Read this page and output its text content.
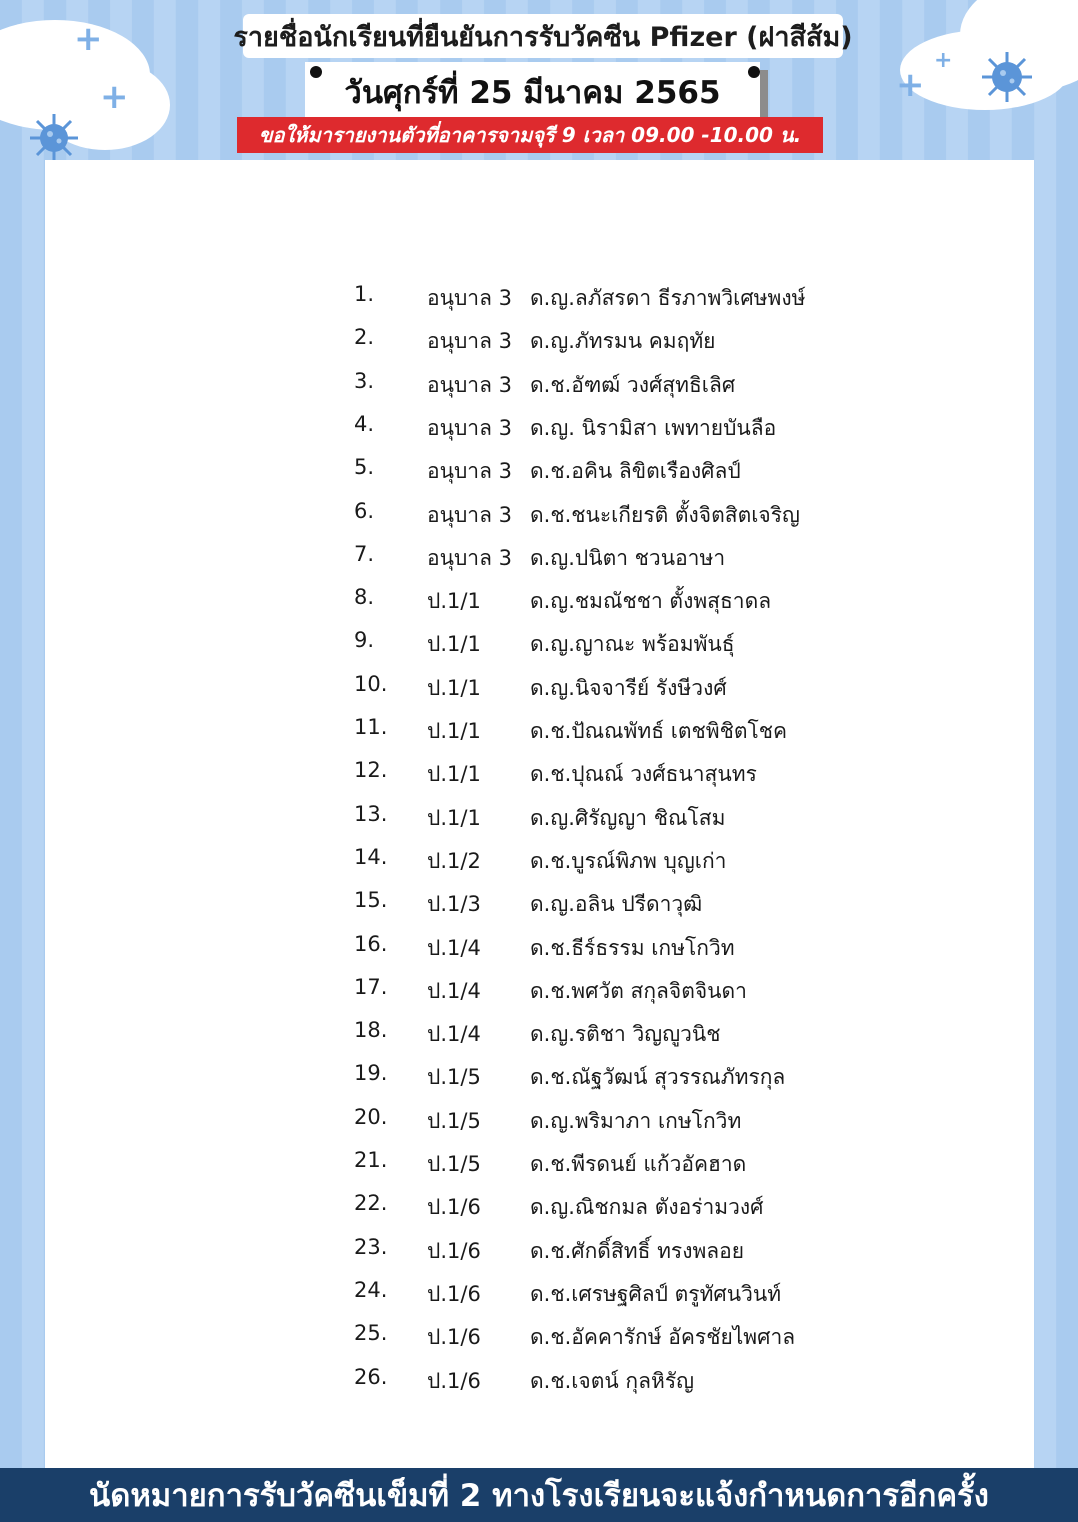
+
+	+
+
รายชื่อนักเรียนที่ยืนยันการรับวัคซีน Pfizer (ฝาสีส้ม)
วันศุกร์ที่ 25 มีนาคม 2565
ขอให้มารายงานตัวที่อาคารจามจุรี 9 เวลา 09.00 -10.00 น.
1.	อนุบาล 3 ด.ญ.ลภัสรดา ธีรภาพวิเศษพงษ์
2.	อนุบาล 3 ด.ญ.ภัทรมน คมฤทัย
3.	อนุบาล 3 ด.ช.อัฑฒ์ วงศ์สุทธิเลิศ
4.	อนุบาล 3 ด.ญ. นิรามิสา เพทายบันลือ
5.	อนุบาล 3 ด.ช.อคิน ลิขิตเรืองศิลป์
6.	อนุบาล 3 ด.ช.ชนะเกียรติ ตั้งจิตสิตเจริญ
7.	อนุบาล 3 ด.ญ.ปนิตา ชวนอาษา
8.	ป.1/1 ด.ญ.ชมณัชชา ตั้งพสุธาดล
9.	ป.1/1 ด.ญ.ญาณะ พร้อมพันธุ์
10. ป.1/1 ด.ญ.นิจจารีย์ รังษีวงศ์
11. ป.1/1 ด.ช.ปัณณพัทธ์ เตชพิชิตโชค
12. ป.1/1 ด.ช.ปุณณ์ วงศ์ธนาสุนทร
13. ป.1/1 ด.ญ.ศิรัญญา ชิณโสม
14. ป.1/2 ด.ช.บูรณ์พิภพ บุญเก่า
15. ป.1/3 ด.ญ.อลิน ปรีดาวุฒิ
16. ป.1/4 ด.ช.ธีร์ธรรม เกษโกวิท
17. ป.1/4 ด.ช.พศวัต สกุลจิตจินดา
18. ป.1/4 ด.ญ.รติชา วิญญูวนิช
19. ป.1/5 ด.ช.ณัฐวัฒน์ สุวรรณภัทรกุล
20. ป.1/5 ด.ญ.พริมาภา เกษโกวิท
21. ป.1/5 ด.ช.พีรดนย์ แก้วอัคฮาด
22. ป.1/6 ด.ญ.ณิชกมล ตังอร่ามวงศ์
23. ป.1/6 ด.ช.ศักดิ์สิทธิ์ ทรงพลอย
24. ป.1/6 ด.ช.เศรษฐศิลป์ ตรูทัศนวินท์
25. ป.1/6 ด.ช.อัคคารักษ์ อัครชัยไพศาล
26. ป.1/6 ด.ช.เจตน์ กุลหิรัญ
นัดหมายการรับวัคซีนเข็มที่ 2 ทางโรงเรียนจะแจ้งกำหนดการอีกครั้ง
